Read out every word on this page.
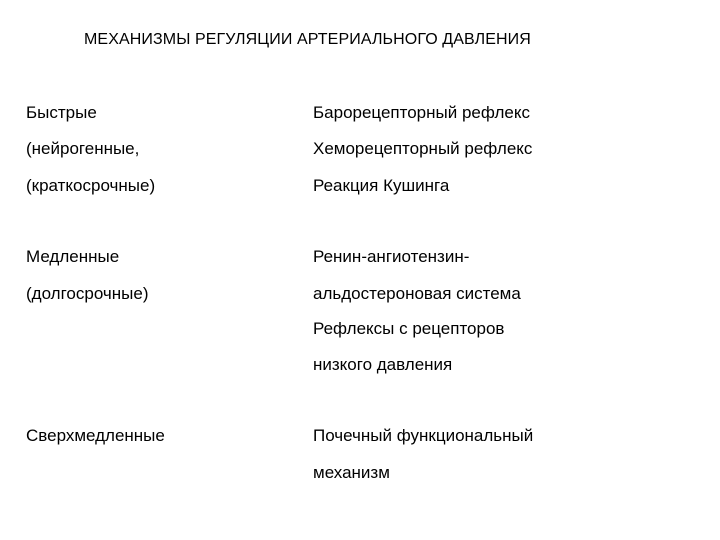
МЕХАНИЗМЫ РЕГУЛЯЦИИ АРТЕРИАЛЬНОГО ДАВЛЕНИЯ
Быстрые
(нейрогенные,
(краткосрочные)
Барорецепторный рефлекс
Хеморецепторный рефлекс
Реакция Кушинга
Медленные
(долгосрочные)
Ренин-ангиотензин-
альдостероновая система
Рефлексы с рецепторов
низкого давления
Сверхмедленные	Почечный функциональный
механизм
